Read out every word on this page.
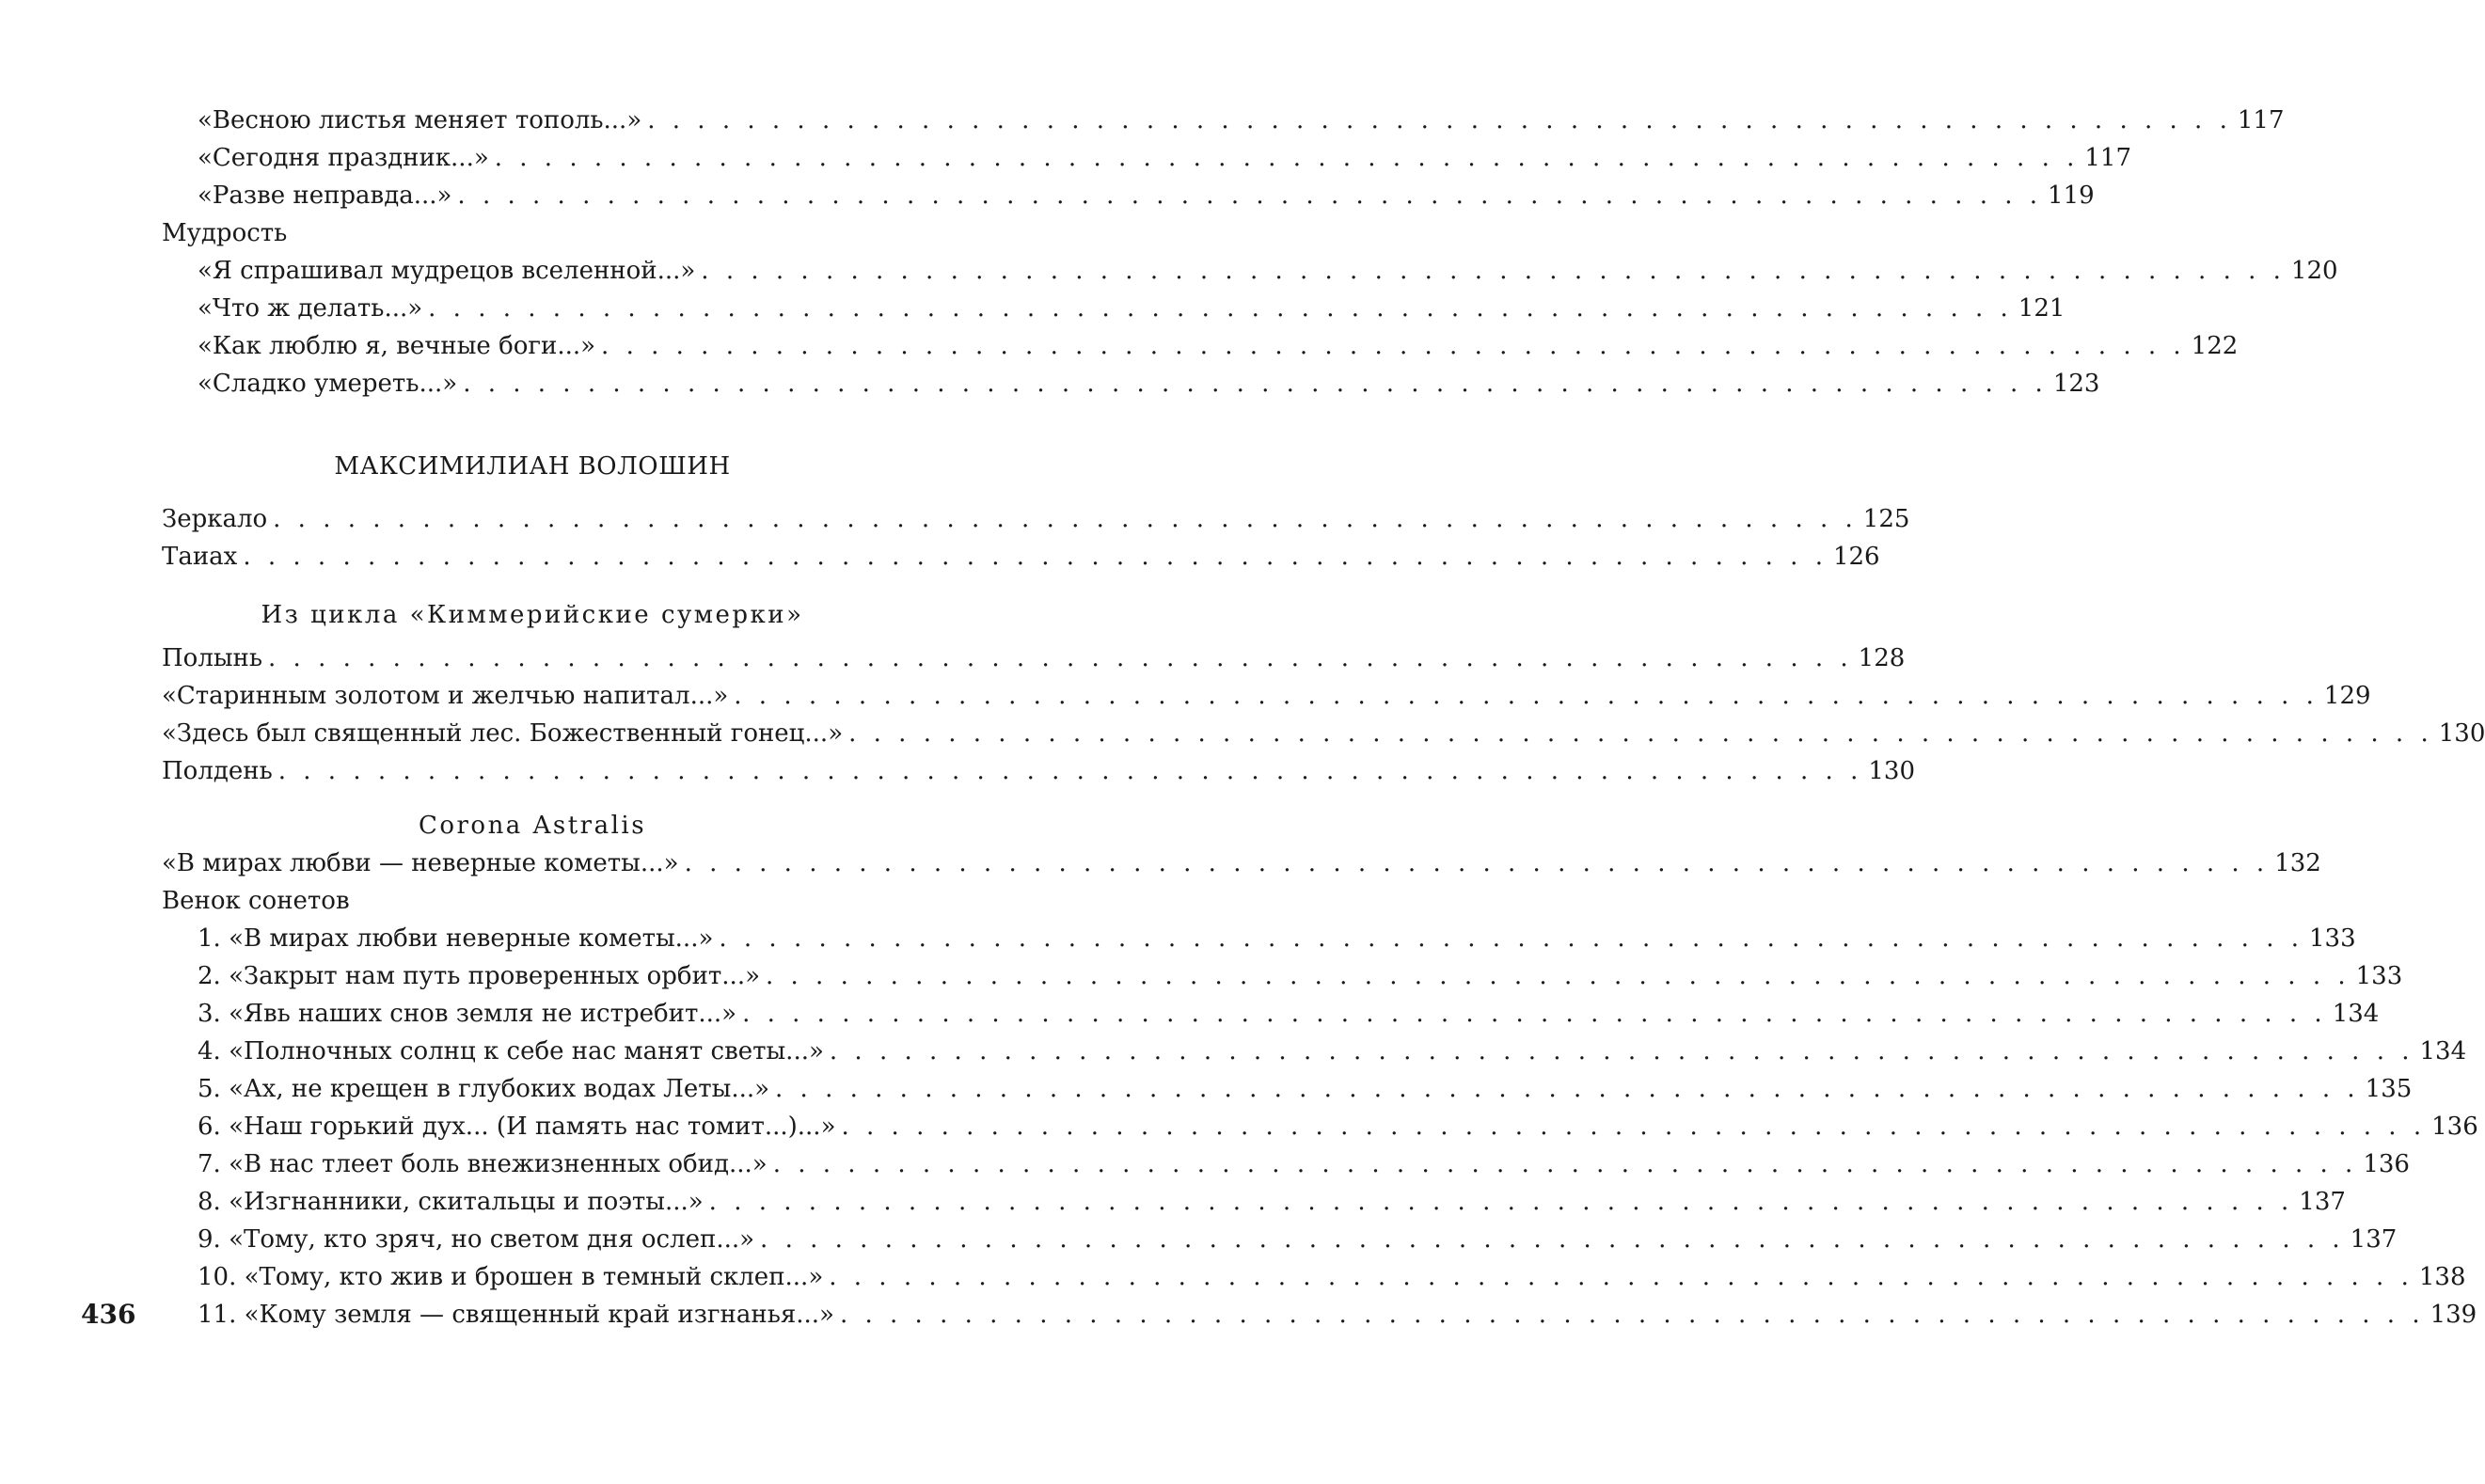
«Весною листья меняет тополь...» . . .	117
«Сегодня праздник...» . . .	117
«Разве неправда...» . . .	119
Мудрость
«Я спрашивал мудрецов вселенной...» . . .	120
«Что ж делать...» . . .	121
«Как люблю я, вечные боги...» . . .	122
«Сладко умереть...» . . .	123
МАКСИМИЛИАН ВОЛОШИН
Зеркало . . .	125
Таиах . . .	126
Из цикла «Киммерийские сумерки»
Полынь . . .	128
«Старинным золотом и желчью напитал...» . . .	129
«Здесь был священный лес. Божественный гонец...» . . .	130
Полдень . . .	130
Corona Astralis
«В мирах любви — неверные кометы...» . . .	132
Венок сонетов
1. «В мирах любви неверные кометы...» . . .	133
2. «Закрыт нам путь проверенных орбит...» . . .	133
3. «Явь наших снов земля не истребит...» . . .	134
4. «Полночных солнц к себе нас манят светы...» . . .	134
5. «Ах, не крещен в глубоких водах Леты...» . . .	135
6. «Наш горький дух... (И память нас томит...)...» . . .	136
7. «В нас тлеет боль внежизненных обид...» . . .	136
8. «Изгнанники, скитальцы и поэты...» . . .	137
9. «Тому, кто зряч, но светом дня ослеп...» . . .	137
10. «Тому, кто жив и брошен в темный склеп...» . . .	138
11. «Кому земля — священный край изгнанья...» . . .	139
436
